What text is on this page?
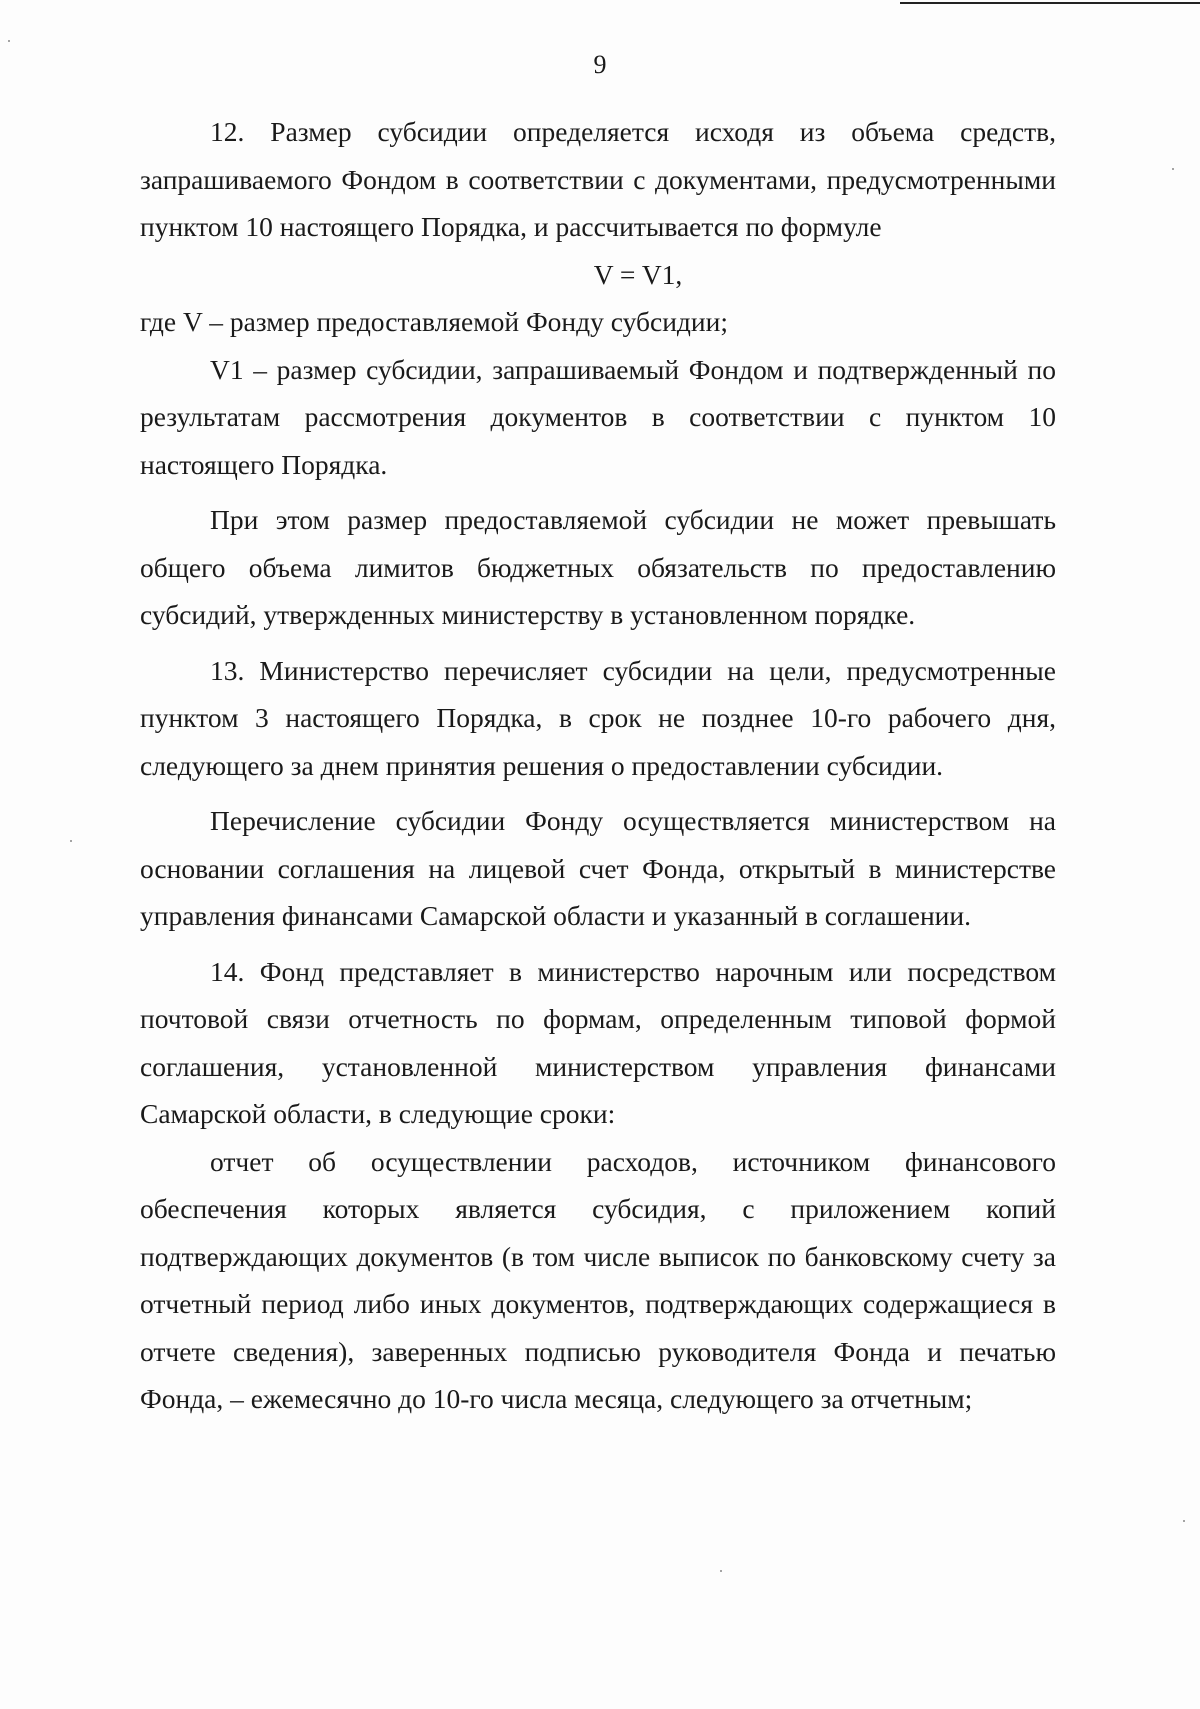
9

12. Размер субсидии определяется исходя из объема средств, запрашиваемого Фондом в соответствии с документами, предусмотренными пунктом 10 настоящего Порядка, и рассчитывается по формуле

V = V1,

где V – размер предоставляемой Фонду субсидии;

V1 – размер субсидии, запрашиваемый Фондом и подтвержденный по результатам рассмотрения документов в соответствии с пунктом 10 настоящего Порядка.

При этом размер предоставляемой субсидии не может превышать общего объема лимитов бюджетных обязательств по предоставлению субсидий, утвержденных министерству в установленном порядке.

13. Министерство перечисляет субсидии на цели, предусмотренные пунктом 3 настоящего Порядка, в срок не позднее 10-го рабочего дня, следующего за днем принятия решения о предоставлении субсидии.

Перечисление субсидии Фонду осуществляется министерством на основании соглашения на лицевой счет Фонда, открытый в министерстве управления финансами Самарской области и указанный в соглашении.

14. Фонд представляет в министерство нарочным или посредством почтовой связи отчетность по формам, определенным типовой формой соглашения, установленной министерством управления финансами Самарской области, в следующие сроки:

отчет об осуществлении расходов, источником финансового обеспечения которых является субсидия, с приложением копий подтверждающих документов (в том числе выписок по банковскому счету за отчетный период либо иных документов, подтверждающих содержащиеся в отчете сведения), заверенных подписью руководителя Фонда и печатью Фонда, – ежемесячно до 10-го числа месяца, следующего за отчетным;
